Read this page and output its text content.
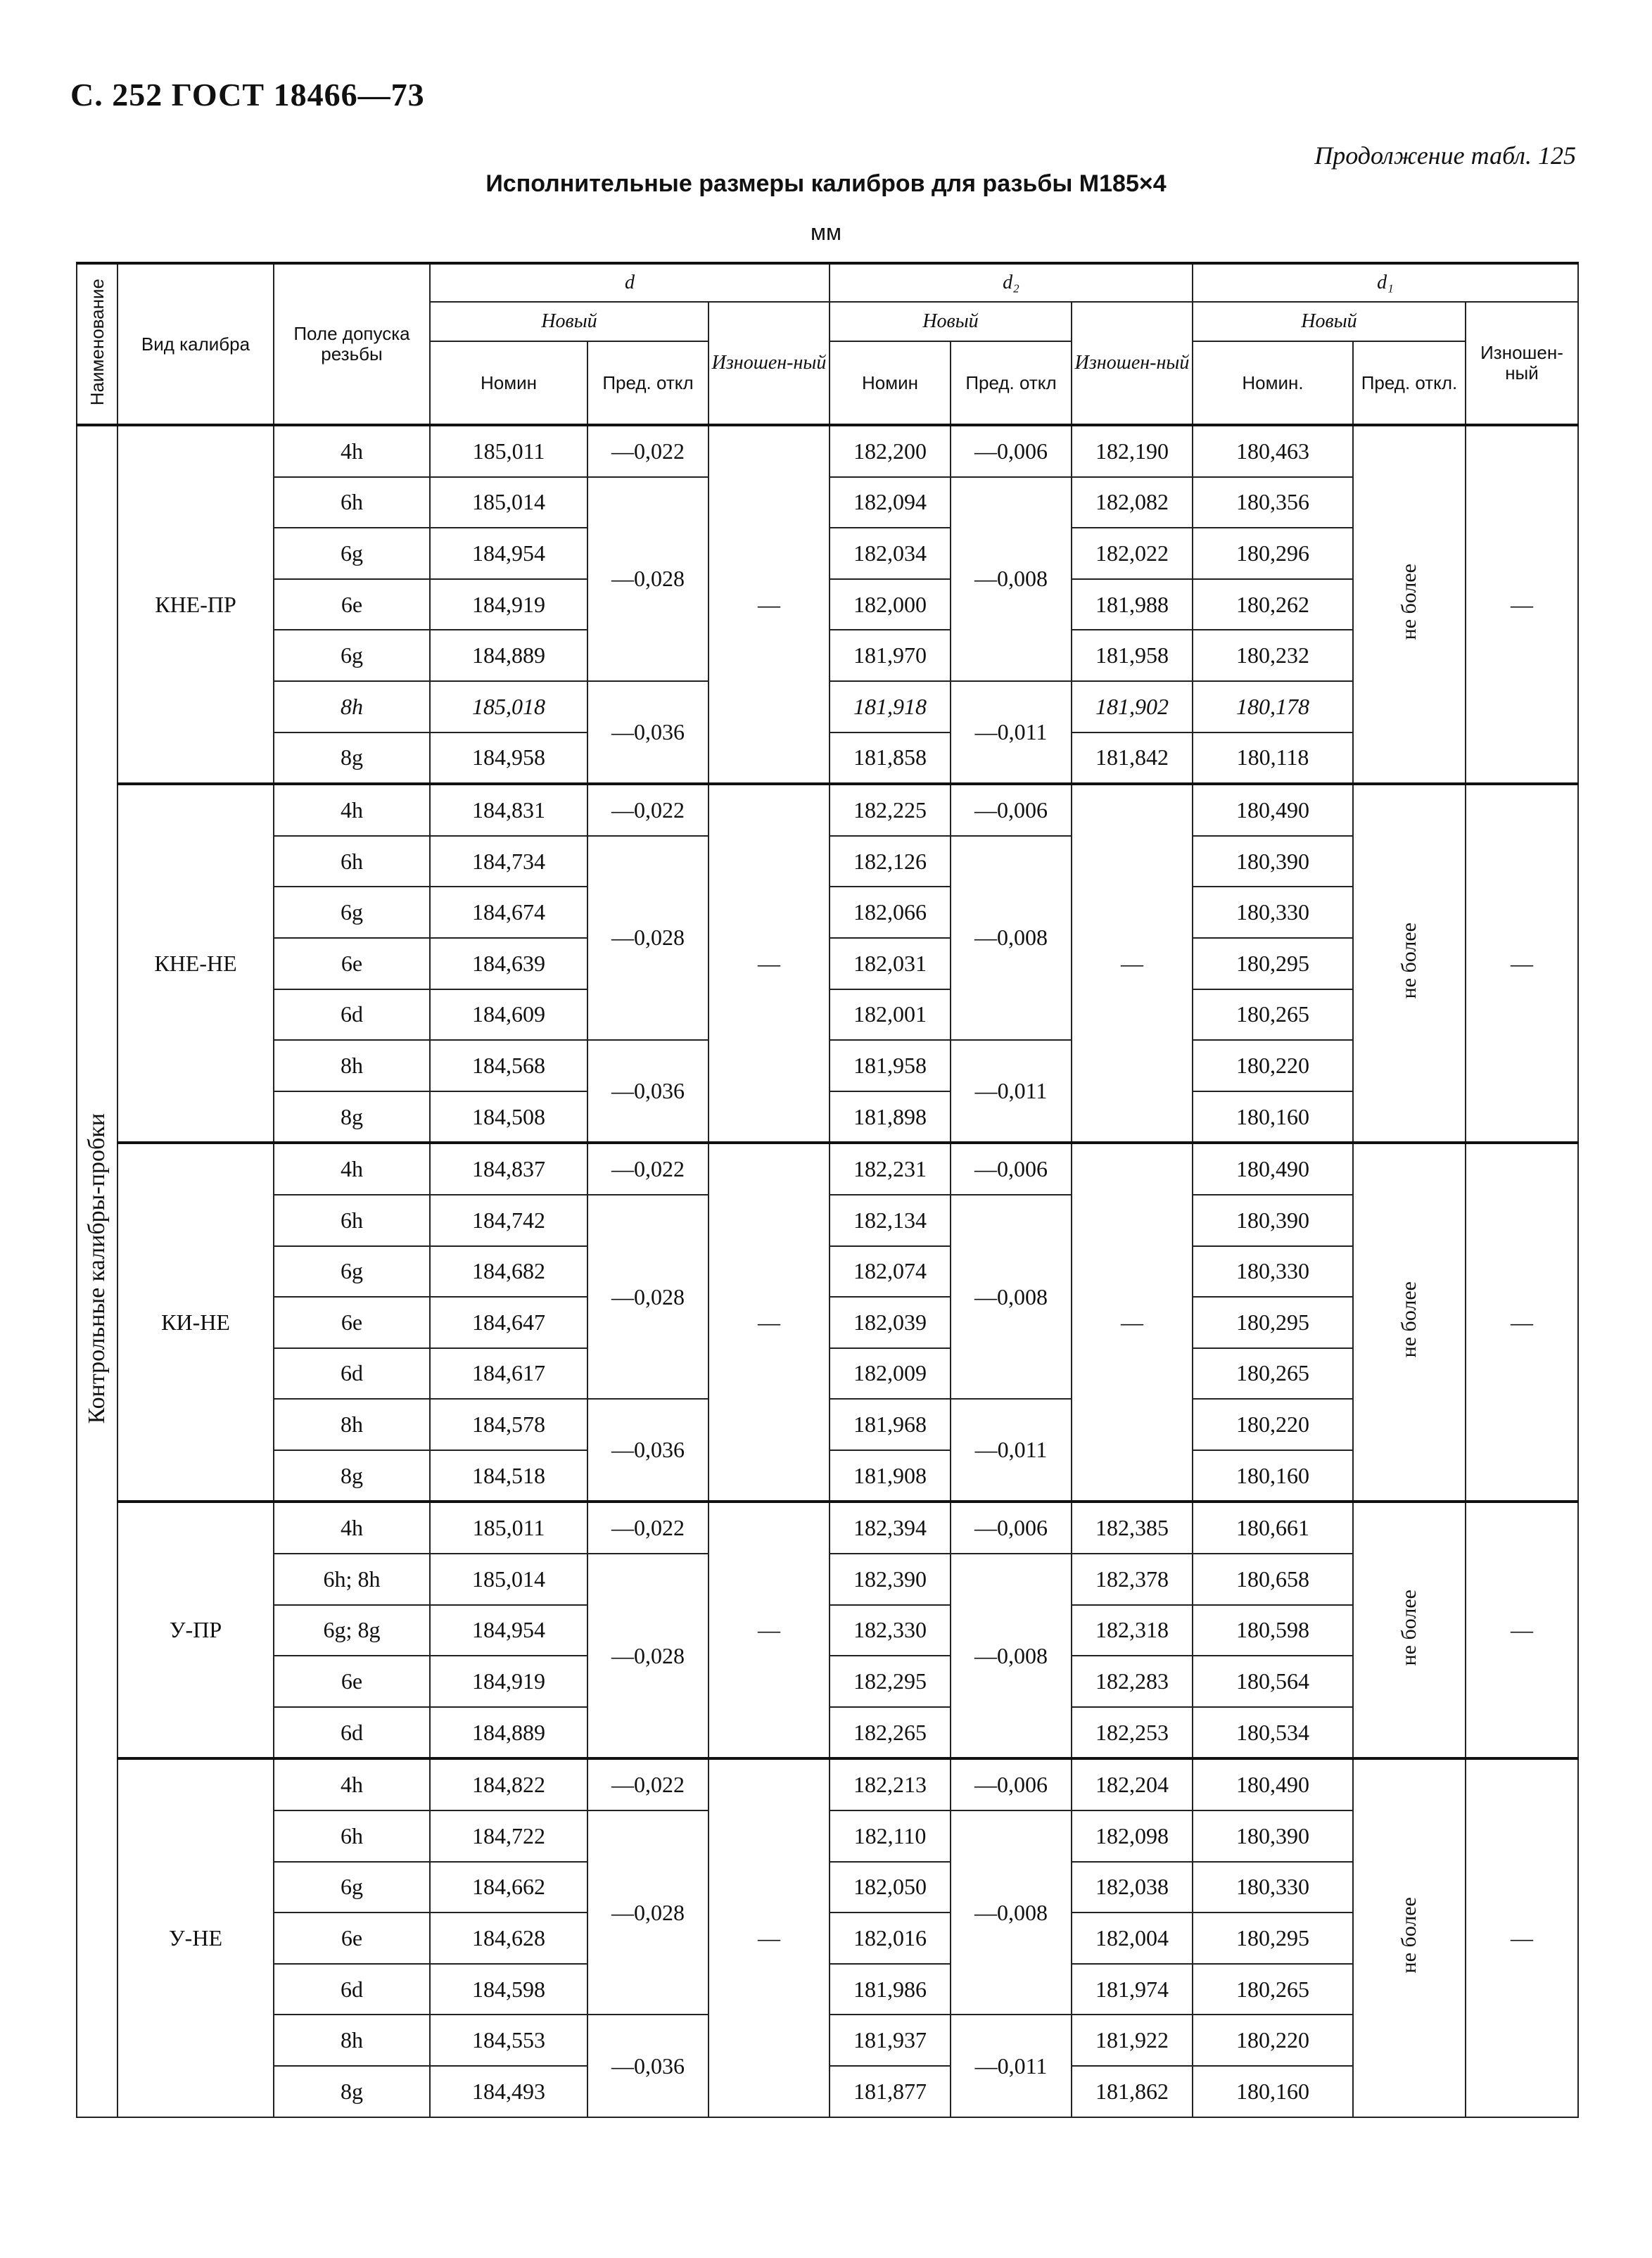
С. 252 ГОСТ 18466—73
Продолжение табл. 125
Исполнительные размеры калибров для разьбы М185×4
мм
Наименование	Вид калибра	Поле допуска резьбы	d			d₂			d₁		
			Новый		Изношен-ный	Новый		Изношен-ный	Новый		Изношен-ный
			Номин	Пред. откл		Номин	Пред. откл		Номин.	Пред. откл.	
Контрольные калибры-пробки	КНЕ-ПР	4h	185,011	—0,022	—	182,200	—0,006	182,190	180,463	не более	—
		6h	185,014	—0,028		182,094	—0,008	182,082	180,356		
		6g	184,954			182,034		182,022	180,296		
		6e	184,919			182,000		181,988	180,262		
		6g	184,889			181,970		181,958	180,232		
		8h	185,018	—0,036		181,918	—0,011	181,902	180,178		
		8g	184,958			181,858		181,842	180,118		
	КНЕ-НЕ	4h	184,831	—0,022	—	182,225	—0,006	—	180,490	не более	—
		6h	184,734	—0,028		182,126	—0,008		180,390		
		6g	184,674			182,066			180,330		
		6e	184,639			182,031			180,295		
		6d	184,609			182,001			180,265		
		8h	184,568	—0,036		181,958	—0,011		180,220		
		8g	184,508			181,898			180,160		
	КИ-НЕ	4h	184,837	—0,022	—	182,231	—0,006	—	180,490	не более	—
		6h	184,742	—0,028		182,134	—0,008		180,390		
		6g	184,682			182,074			180,330		
		6e	184,647			182,039			180,295		
		6d	184,617			182,009			180,265		
		8h	184,578	—0,036		181,968	—0,011		180,220		
		8g	184,518			181,908			180,160		
	У-ПР	4h	185,011	—0,022	—	182,394	—0,006	182,385	180,661	не более	—
		6h; 8h	185,014	—0,028		182,390	—0,008	182,378	180,658		
		6g; 8g	184,954			182,330		182,318	180,598		
		6e	184,919			182,295		182,283	180,564		
		6d	184,889			182,265		182,253	180,534		
	У-НЕ	4h	184,822	—0,022	—	182,213	—0,006	182,204	180,490	не более	—
		6h	184,722	—0,028		182,110	—0,008	182,098	180,390		
		6g	184,662			182,050		182,038	180,330		
		6e	184,628			182,016		182,004	180,295		
		6d	184,598			181,986		181,974	180,265		
		8h	184,553	—0,036		181,937	—0,011	181,922	180,220		
		8g	184,493			181,877		181,862	180,160		
